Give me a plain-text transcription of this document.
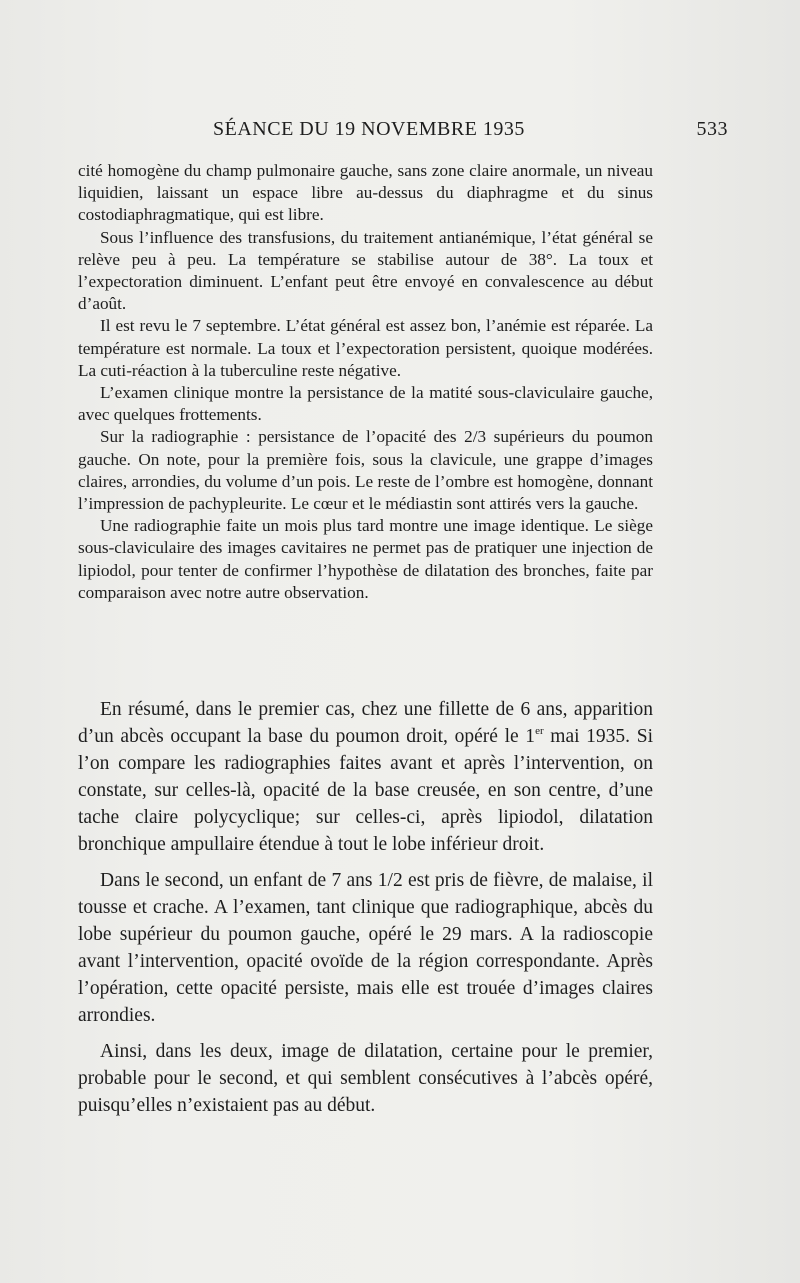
SÉANCE DU 19 NOVEMBRE 1935	533

cité homogène du champ pulmonaire gauche, sans zone claire anormale, un niveau liquidien, laissant un espace libre au-dessus du diaphragme et du sinus costodiaphragmatique, qui est libre.

Sous l’influence des transfusions, du traitement antianémique, l’état général se relève peu à peu. La température se stabilise autour de 38°. La toux et l’expectoration diminuent. L’enfant peut être envoyé en convalescence au début d’août.

Il est revu le 7 septembre. L’état général est assez bon, l’anémie est réparée. La température est normale. La toux et l’expectoration persistent, quoique modérées. La cuti-réaction à la tuberculine reste négative.

L’examen clinique montre la persistance de la matité sous-claviculaire gauche, avec quelques frottements.

Sur la radiographie : persistance de l’opacité des 2/3 supérieurs du poumon gauche. On note, pour la première fois, sous la clavicule, une grappe d’images claires, arrondies, du volume d’un pois. Le reste de l’ombre est homogène, donnant l’impression de pachypleurite. Le cœur et le médiastin sont attirés vers la gauche.

Une radiographie faite un mois plus tard montre une image identique. Le siège sous-claviculaire des images cavitaires ne permet pas de pratiquer une injection de lipiodol, pour tenter de confirmer l’hypothèse de dilatation des bronches, faite par comparaison avec notre autre observation.

En résumé, dans le premier cas, chez une fillette de 6 ans, apparition d’un abcès occupant la base du poumon droit, opéré le 1er mai 1935. Si l’on compare les radiographies faites avant et après l’intervention, on constate, sur celles-là, opacité de la base creusée, en son centre, d’une tache claire polycyclique; sur celles-ci, après lipiodol, dilatation bronchique ampullaire étendue à tout le lobe inférieur droit.

Dans le second, un enfant de 7 ans 1/2 est pris de fièvre, de malaise, il tousse et crache. A l’examen, tant clinique que radiographique, abcès du lobe supérieur du poumon gauche, opéré le 29 mars. A la radioscopie avant l’intervention, opacité ovoïde de la région correspondante. Après l’opération, cette opacité persiste, mais elle est trouée d’images claires arrondies.

Ainsi, dans les deux, image de dilatation, certaine pour le premier, probable pour le second, et qui semblent consécutives à l’abcès opéré, puisqu’elles n’existaient pas au début.
